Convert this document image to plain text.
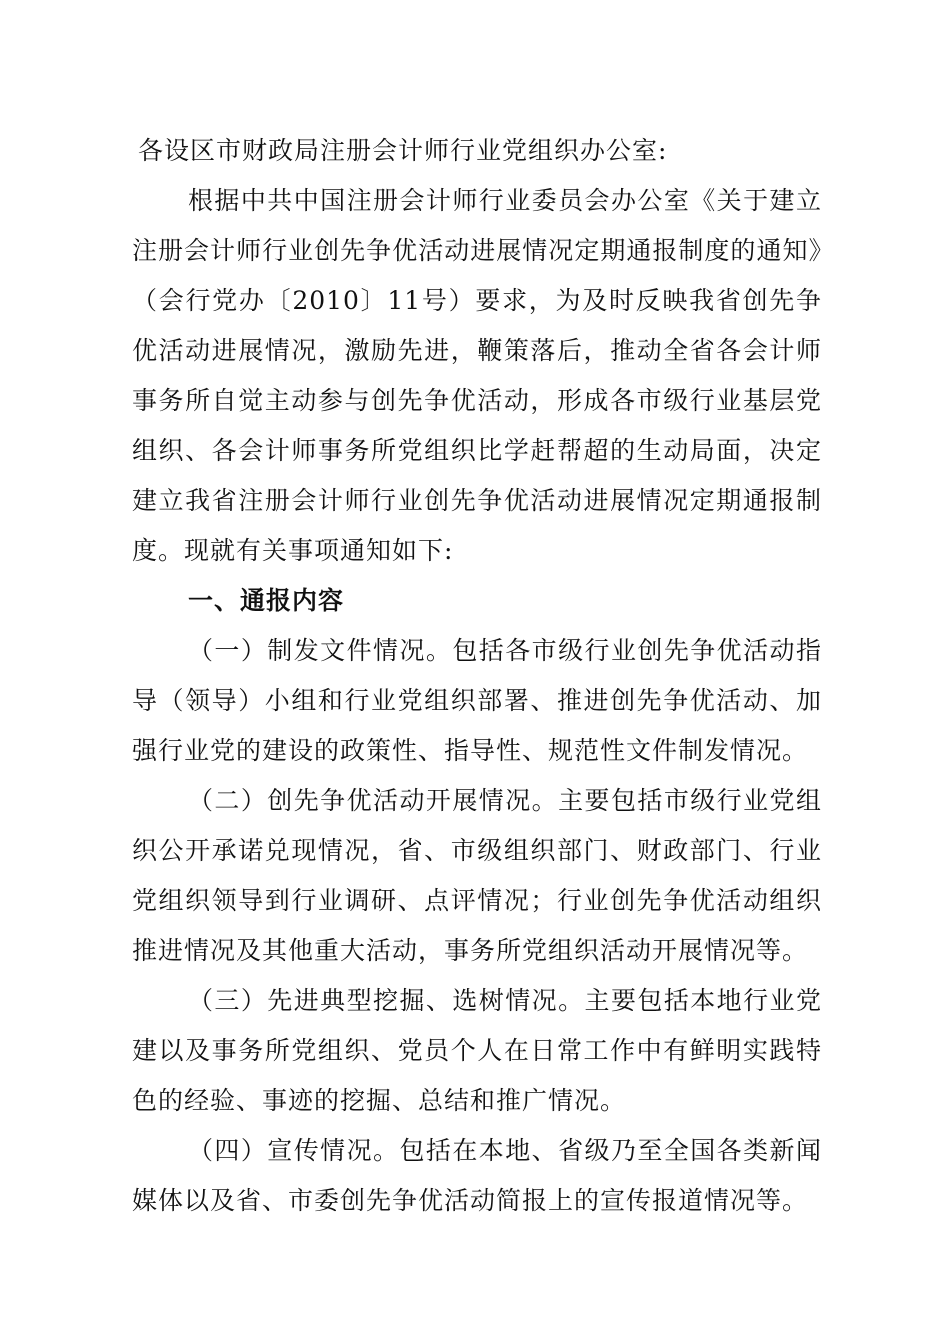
各设区市财政局注册会计师行业党组织办公室:

根据中共中国注册会计师行业委员会办公室《关于建立注册会计师行业创先争优活动进展情况定期通报制度的通知》（会行党办〔2010〕11号）要求，为及时反映我省创先争优活动进展情况，激励先进，鞭策落后，推动全省各会计师事务所自觉主动参与创先争优活动，形成各市级行业基层党组织、各会计师事务所党组织比学赶帮超的生动局面，决定建立我省注册会计师行业创先争优活动进展情况定期通报制度。现就有关事项通知如下:

一、通报内容

（一）制发文件情况。包括各市级行业创先争优活动指导（领导）小组和行业党组织部署、推进创先争优活动、加强行业党的建设的政策性、指导性、规范性文件制发情况。

（二）创先争优活动开展情况。主要包括市级行业党组织公开承诺兑现情况，省、市级组织部门、财政部门、行业党组织领导到行业调研、点评情况；行业创先争优活动组织推进情况及其他重大活动，事务所党组织活动开展情况等。

（三）先进典型挖掘、选树情况。主要包括本地行业党建以及事务所党组织、党员个人在日常工作中有鲜明实践特色的经验、事迹的挖掘、总结和推广情况。

（四）宣传情况。包括在本地、省级乃至全国各类新闻媒体以及省、市委创先争优活动简报上的宣传报道情况等。
